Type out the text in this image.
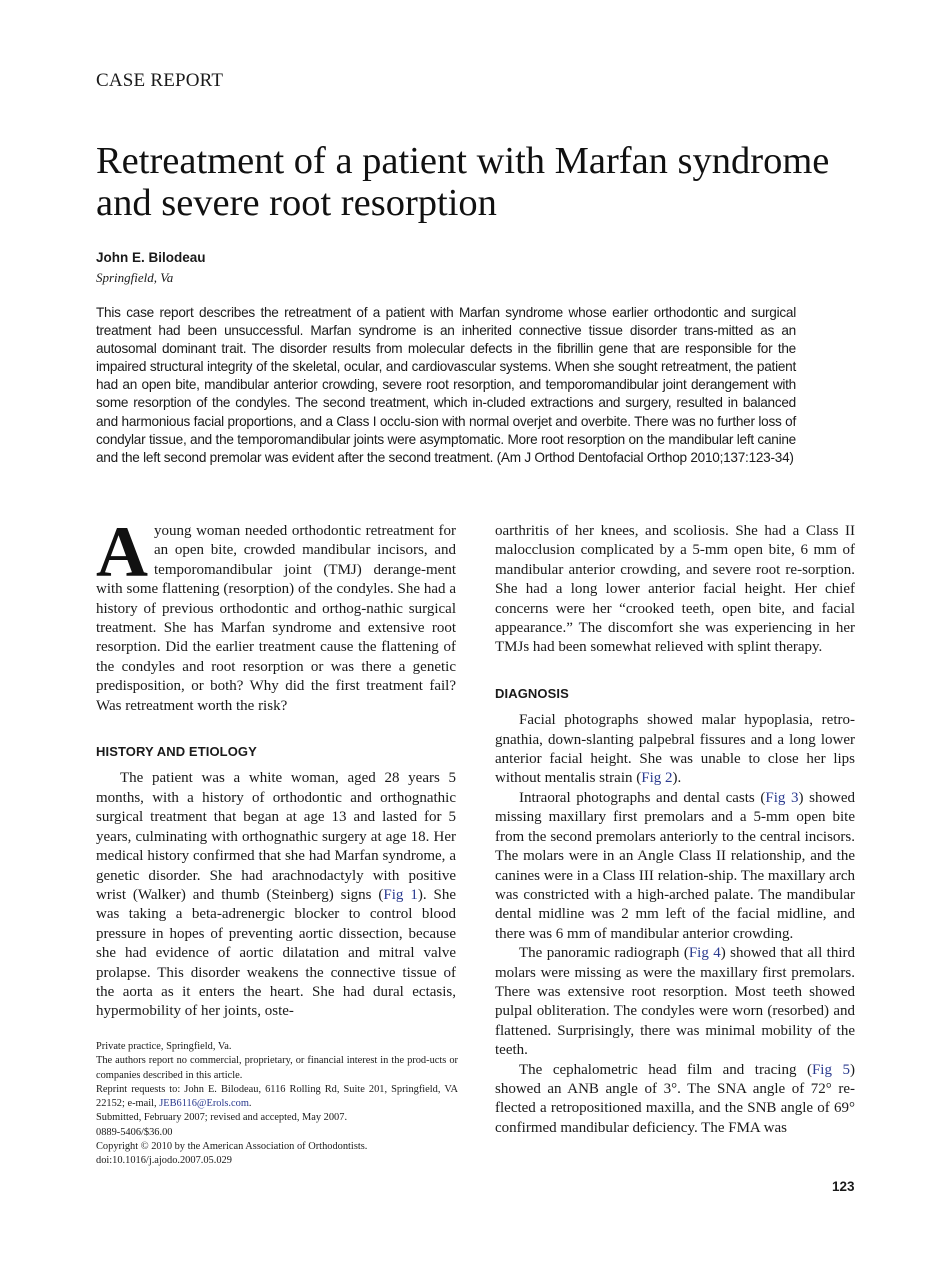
CASE REPORT
Retreatment of a patient with Marfan syndrome and severe root resorption
John E. Bilodeau
Springfield, Va

This case report describes the retreatment of a patient with Marfan syndrome whose earlier orthodontic and surgical treatment had been unsuccessful. Marfan syndrome is an inherited connective tissue disorder trans-mitted as an autosomal dominant trait. The disorder results from molecular defects in the fibrillin gene that are responsible for the impaired structural integrity of the skeletal, ocular, and cardiovascular systems. When she sought retreatment, the patient had an open bite, mandibular anterior crowding, severe root resorption, and temporomandibular joint derangement with some resorption of the condyles. The second treatment, which in-cluded extractions and surgery, resulted in balanced and harmonious facial proportions, and a Class I occlu-sion with normal overjet and overbite. There was no further loss of condylar tissue, and the temporomandibular joints were asymptomatic. More root resorption on the mandibular left canine and the left second premolar was evident after the second treatment. (Am J Orthod Dentofacial Orthop 2010;137:123-34)

Ayoung woman needed orthodontic retreatment for an open bite, crowded mandibular incisors, and temporomandibular joint (TMJ) derange-ment with some flattening (resorption) of the condyles. She had a history of previous orthodontic and orthog-nathic surgical treatment. She has Marfan syndrome and extensive root resorption. Did the earlier treatment cause the flattening of the condyles and root resorption or was there a genetic predisposition, or both? Why did the first treatment fail? Was retreatment worth the risk?

HISTORY AND ETIOLOGY

The patient was a white woman, aged 28 years 5 months, with a history of orthodontic and orthognathic surgical treatment that began at age 13 and lasted for 5 years, culminating with orthognathic surgery at age 18. Her medical history confirmed that she had Marfan syndrome, a genetic disorder. She had arachnodactyly with positive wrist (Walker) and thumb (Steinberg) signs (Fig 1). She was taking a beta-adrenergic blocker to control blood pressure in hopes of preventing aortic dissection, because she had evidence of aortic dilatation and mitral valve prolapse. This disorder weakens the connective tissue of the aorta as it enters the heart. She had dural ectasis, hypermobility of her joints, oste-

Private practice, Springfield, Va.
The authors report no commercial, proprietary, or financial interest in the prod-ucts or companies described in this article.
Reprint requests to: John E. Bilodeau, 6116 Rolling Rd, Suite 201, Springfield, VA 22152; e-mail, JEB6116@Erols.com.
Submitted, February 2007; revised and accepted, May 2007.
0889-5406/$36.00
Copyright © 2010 by the American Association of Orthodontists.
doi:10.1016/j.ajodo.2007.05.029

oarthritis of her knees, and scoliosis. She had a Class II malocclusion complicated by a 5-mm open bite, 6 mm of mandibular anterior crowding, and severe root re-sorption. She had a long lower anterior facial height. Her chief concerns were her “crooked teeth, open bite, and facial appearance.” The discomfort she was experiencing in her TMJs had been somewhat relieved with splint therapy.

DIAGNOSIS

Facial photographs showed malar hypoplasia, retro-gnathia, down-slanting palpebral fissures and a long lower anterior facial height. She was unable to close her lips without mentalis strain (Fig 2).

Intraoral photographs and dental casts (Fig 3) showed missing maxillary first premolars and a 5-mm open bite from the second premolars anteriorly to the central incisors. The molars were in an Angle Class II relationship, and the canines were in a Class III relation-ship. The maxillary arch was constricted with a high-arched palate. The mandibular dental midline was 2 mm left of the facial midline, and there was 6 mm of mandibular anterior crowding.

The panoramic radiograph (Fig 4) showed that all third molars were missing as were the maxillary first premolars. There was extensive root resorption. Most teeth showed pulpal obliteration. The condyles were worn (resorbed) and flattened. Surprisingly, there was minimal mobility of the teeth.

The cephalometric head film and tracing (Fig 5) showed an ANB angle of 3°. The SNA angle of 72° re-flected a retropositioned maxilla, and the SNB angle of 69° confirmed mandibular deficiency. The FMA was

123
